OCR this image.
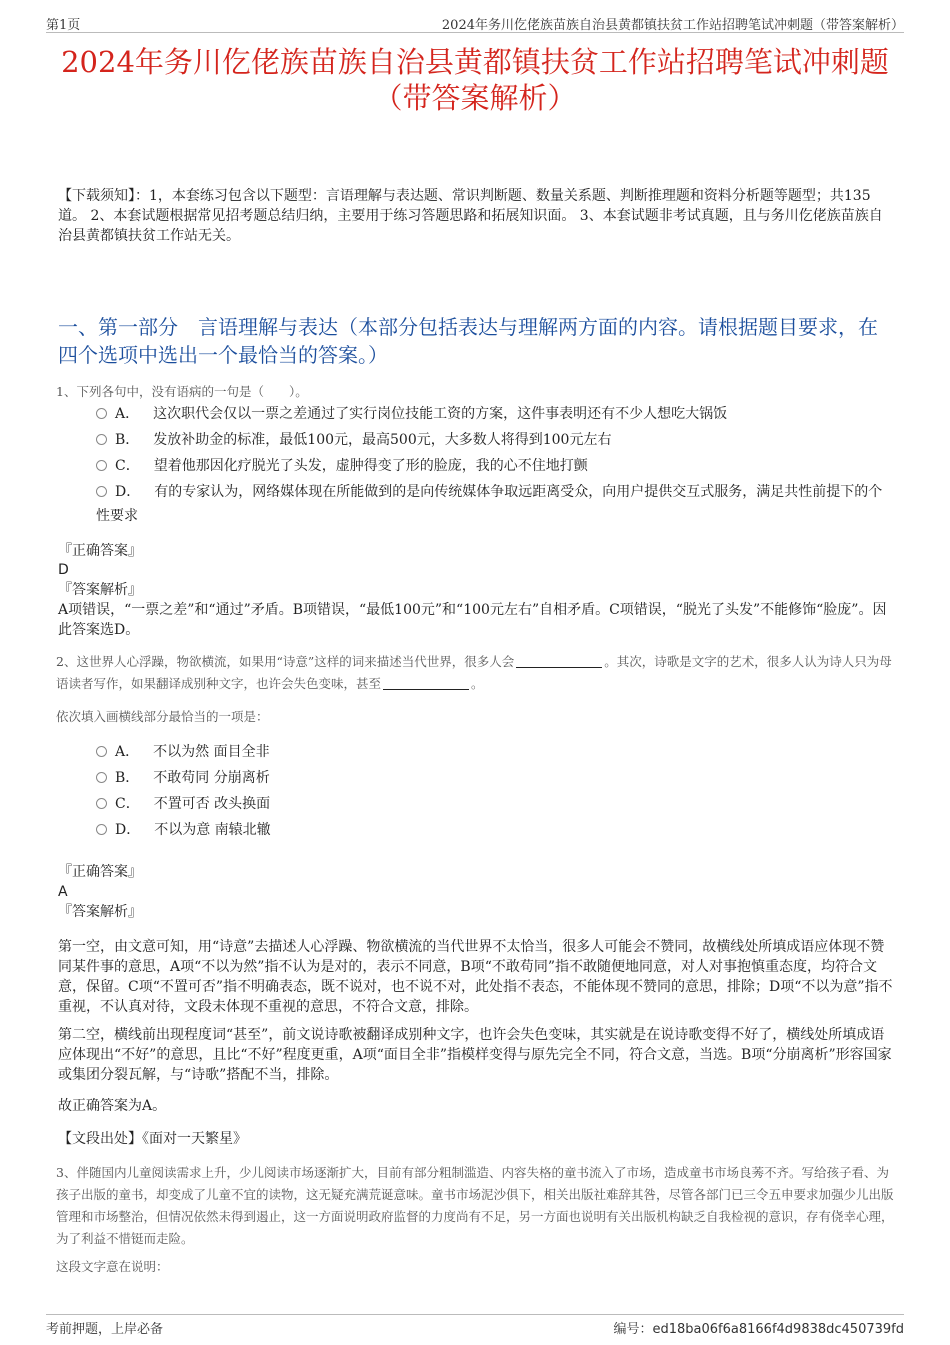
第1页	2024年务川仡佬族苗族自治县黄都镇扶贫工作站招聘笔试冲刺题（带答案解析）
2024年务川仡佬族苗族自治县黄都镇扶贫工作站招聘笔试冲刺题（带答案解析）
【下载须知】：1，本套练习包含以下题型：言语理解与表达题、常识判断题、数量关系题、判断推理题和资料分析题等题型；共135道。 2、本套试题根据常见招考题总结归纳，主要用于练习答题思路和拓展知识面。 3、本套试题非考试真题，且与务川仡佬族苗族自治县黄都镇扶贫工作站无关。
一、第一部分　言语理解与表达（本部分包括表达与理解两方面的内容。请根据题目要求，在四个选项中选出一个最恰当的答案。）
1、下列各句中，没有语病的一句是（　　）。
A． 这次职代会仅以一票之差通过了实行岗位技能工资的方案，这件事表明还有不少人想吃大锅饭
B． 发放补助金的标准，最低100元，最高500元，大多数人将得到100元左右
C． 望着他那因化疗脱光了头发，虚肿得变了形的脸庞，我的心不住地打颤
D． 有的专家认为，网络媒体现在所能做到的是向传统媒体争取远距离受众，向用户提供交互式服务，满足共性前提下的个性要求
『正确答案』
D
『答案解析』
A项错误，“一票之差”和“通过”矛盾。B项错误，“最低100元”和“100元左右”自相矛盾。C项错误，“脱光了头发”不能修饰“脸庞”。因此答案选D。
2、这世界人心浮躁，物欲横流，如果用“诗意”这样的词来描述当代世界，很多人会	。其次，诗歌是文字的艺术，很多人认为诗人只为母语读者写作，如果翻译成别种文字，也许会失色变味，甚至	。
依次填入画横线部分最恰当的一项是：
A． 不以为然 面目全非
B． 不敢苟同 分崩离析
C． 不置可否 改头换面
D． 不以为意 南辕北辙
『正确答案』
A
『答案解析』
第一空，由文意可知，用“诗意”去描述人心浮躁、物欲横流的当代世界不太恰当，很多人可能会不赞同，故横线处所填成语应体现不赞同某件事的意思，A项“不以为然”指不认为是对的，表示不同意，B项“不敢苟同”指不敢随便地同意，对人对事抱慎重态度，均符合文意，保留。C项“不置可否”指不明确表态，既不说对，也不说不对，此处指不表态，不能体现不赞同的意思，排除；D项“不以为意”指不重视，不认真对待，文段未体现不重视的意思，不符合文意，排除。
第二空，横线前出现程度词“甚至”，前文说诗歌被翻译成别种文字，也许会失色变味，其实就是在说诗歌变得不好了，横线处所填成语应体现出“不好”的意思，且比“不好”程度更重，A项“面目全非”指模样变得与原先完全不同，符合文意，当选。B项“分崩离析”形容国家或集团分裂瓦解，与“诗歌”搭配不当，排除。
故正确答案为A。
【文段出处】《面对一天繁星》
3、伴随国内儿童阅读需求上升，少儿阅读市场逐渐扩大，目前有部分粗制滥造、内容失格的童书流入了市场，造成童书市场良莠不齐。写给孩子看、为孩子出版的童书，却变成了儿童不宜的读物，这无疑充满荒诞意味。童书市场泥沙俱下，相关出版社难辞其咎，尽管各部门已三令五申要求加强少儿出版管理和市场整治，但情况依然未得到遏止，这一方面说明政府监督的力度尚有不足，另一方面也说明有关出版机构缺乏自我检视的意识，存有侥幸心理，为了利益不惜铤而走险。
这段文字意在说明：
考前押题，上岸必备	编号：ed18ba06f6a8166f4d9838dc450739fd
